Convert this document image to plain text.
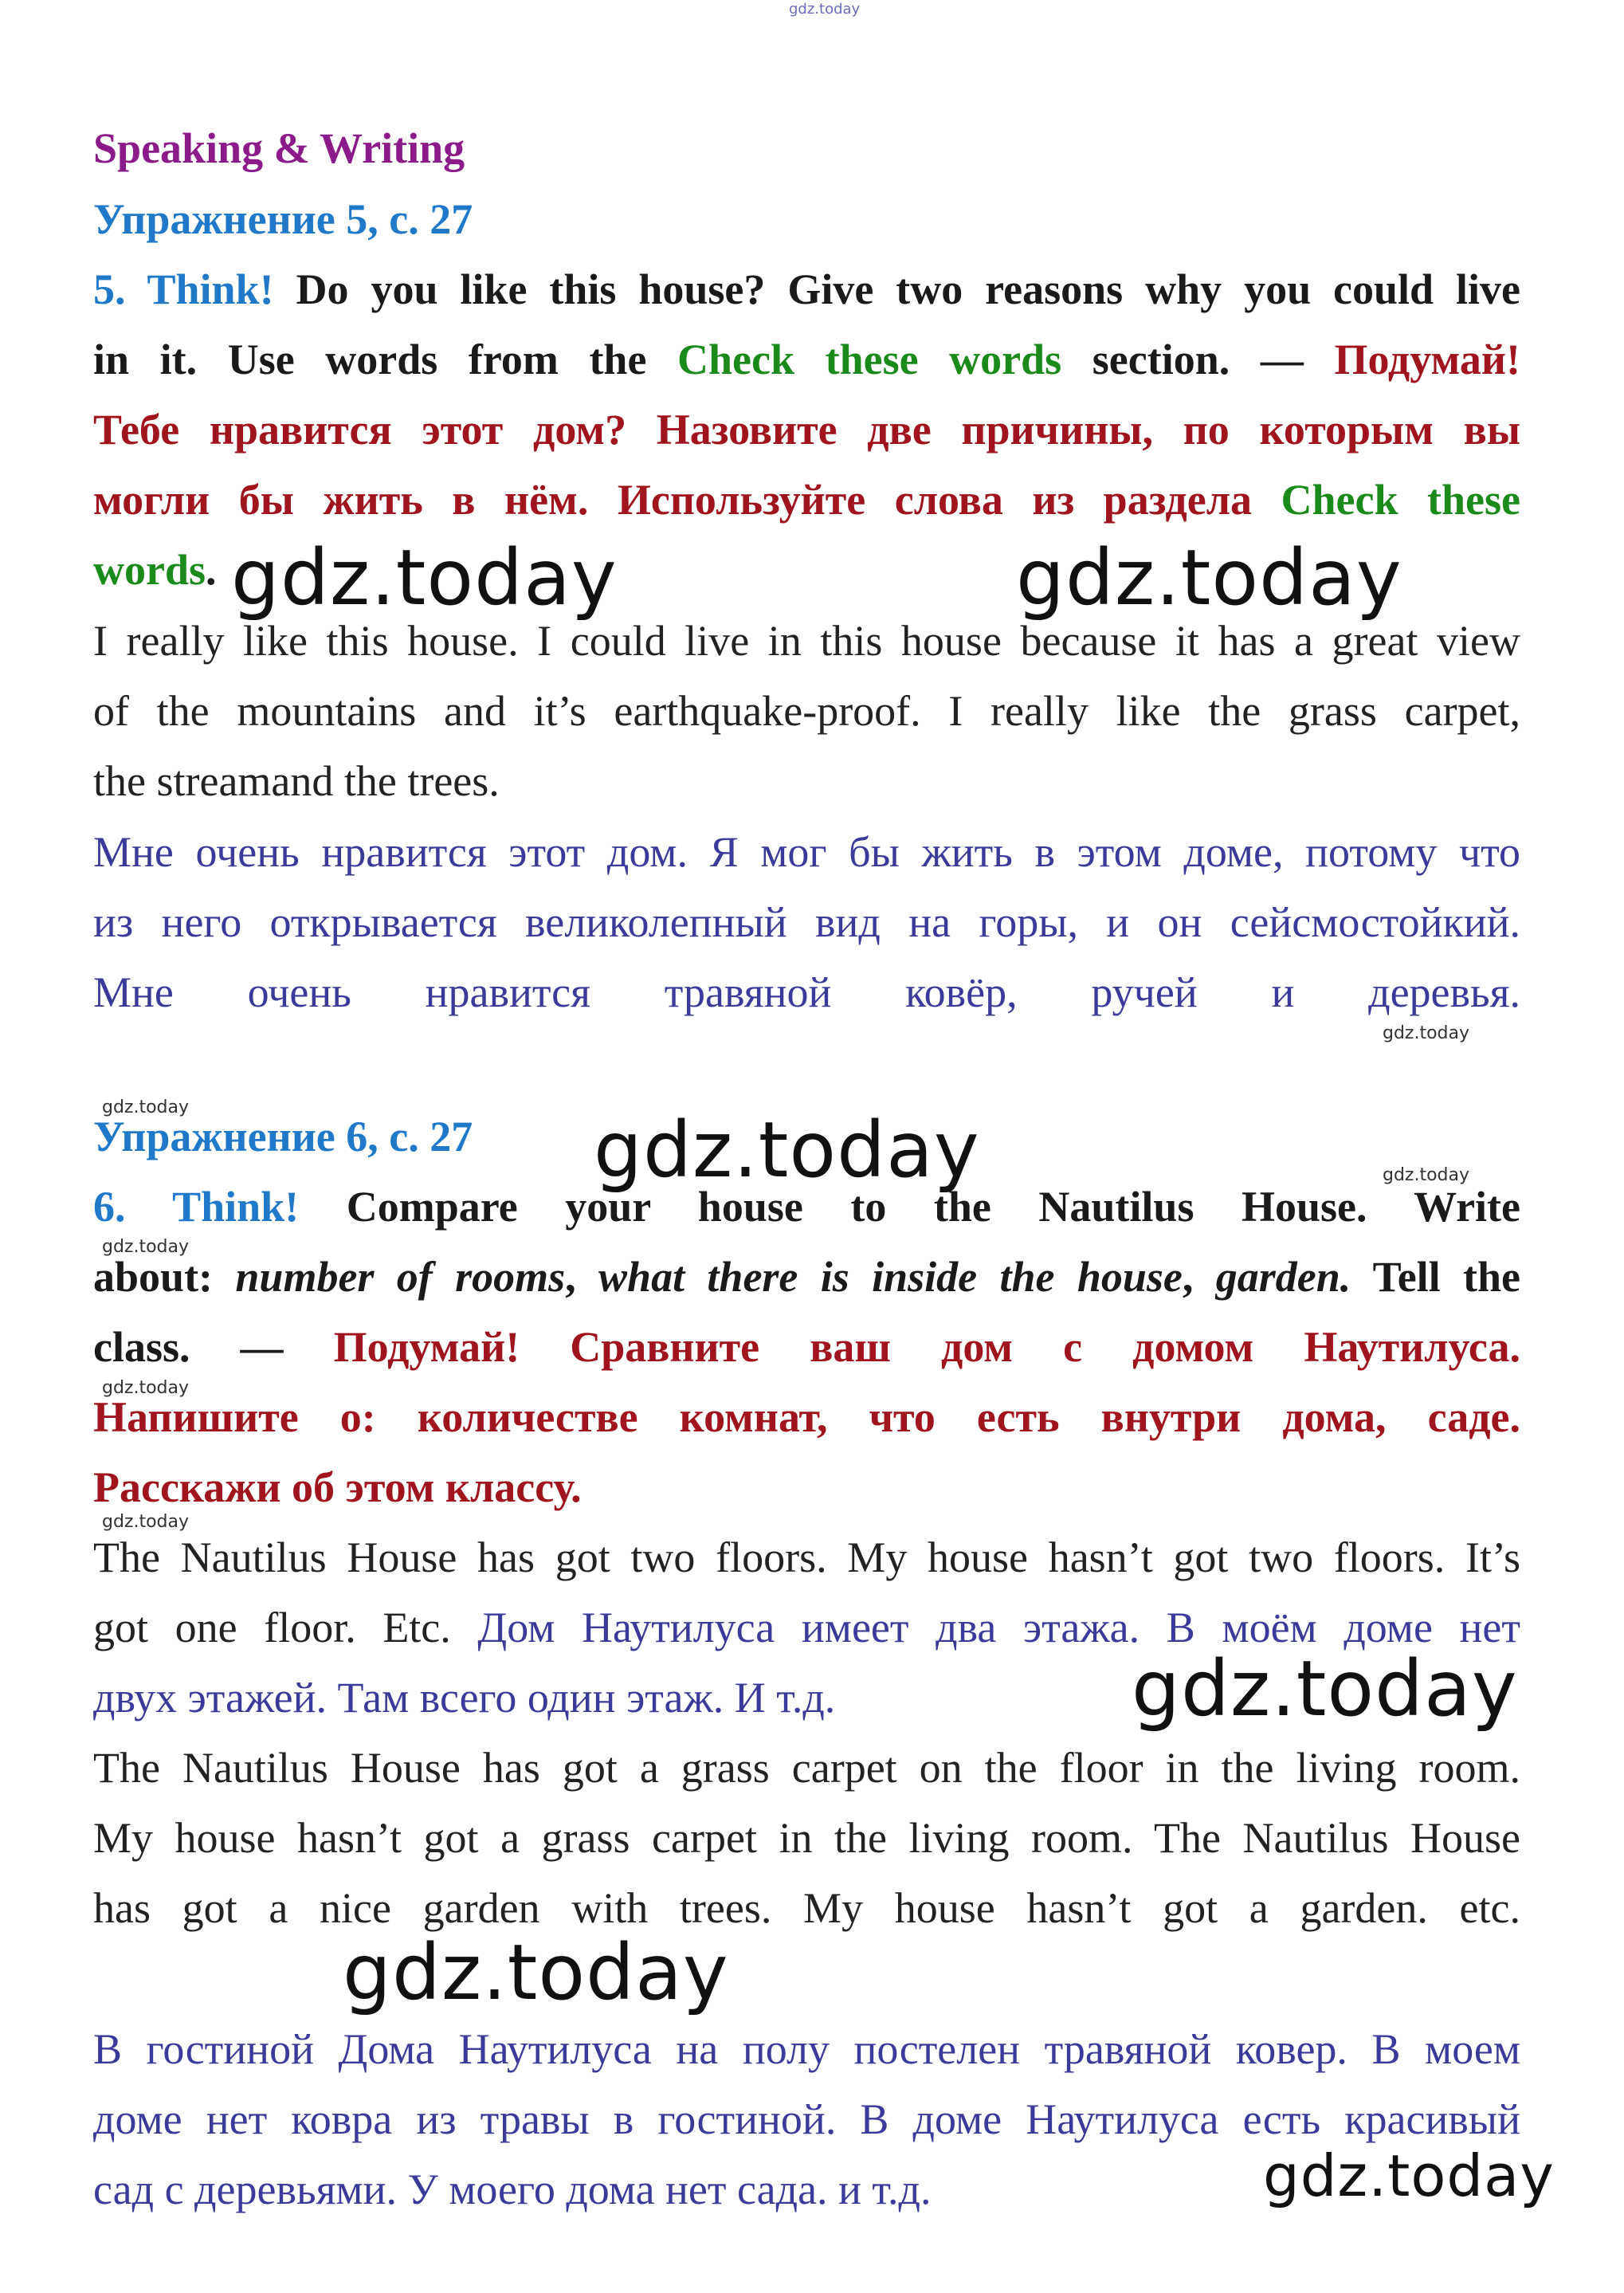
gdz.today
Speaking & Writing
Упражнение 5, с. 27
5. Think! Do you like this house? Give two reasons why you could live
in it. Use words from the Check these words section. — Подумай!
Тебе нравится этот дом? Назовите две причины, по которым вы
могли бы жить в нём. Используйте слова из раздела Check these
words.
I really like this house. I could live in this house because it has a great view
of the mountains and it’s earthquake-proof. I really like the grass carpet,
the streamand the trees.
Мне очень нравится этот дом. Я мог бы жить в этом доме, потому что
из него открывается великолепный вид на горы, и он сейсмостойкий.
Мне очень нравится травяной ковёр, ручей и деревья.
Упражнение 6, с. 27
6. Think! Compare your house to the Nautilus House. Write
about: number of rooms, what there is inside the house, garden. Tell the
class. — Подумай! Сравните ваш дом с домом Наутилуса.
Напишите о: количестве комнат, что есть внутри дома, саде.
Расскажи об этом классу.
The Nautilus House has got two floors. My house hasn’t got two floors. It’s
got one floor. Etc. Дом Наутилуса имеет два этажа. В моём доме нет
двух этажей. Там всего один этаж. И т.д.
The Nautilus House has got a grass carpet on the floor in the living room.
My house hasn’t got a grass carpet in the living room. The Nautilus House
has got a nice garden with trees. My house hasn’t got a garden. etc.
В гостиной Дома Наутилуса на полу постелен травяной ковер. В моем
доме нет ковра из травы в гостиной. В доме Наутилуса есть красивый
сад с деревьями. У моего дома нет сада. и т.д.
gdz.today	gdz.today
gdz.today
gdz.today
gdz.today
gdz.today
gdz.today
gdz.today
gdz.today
gdz.today
gdz.today
gdz.today
